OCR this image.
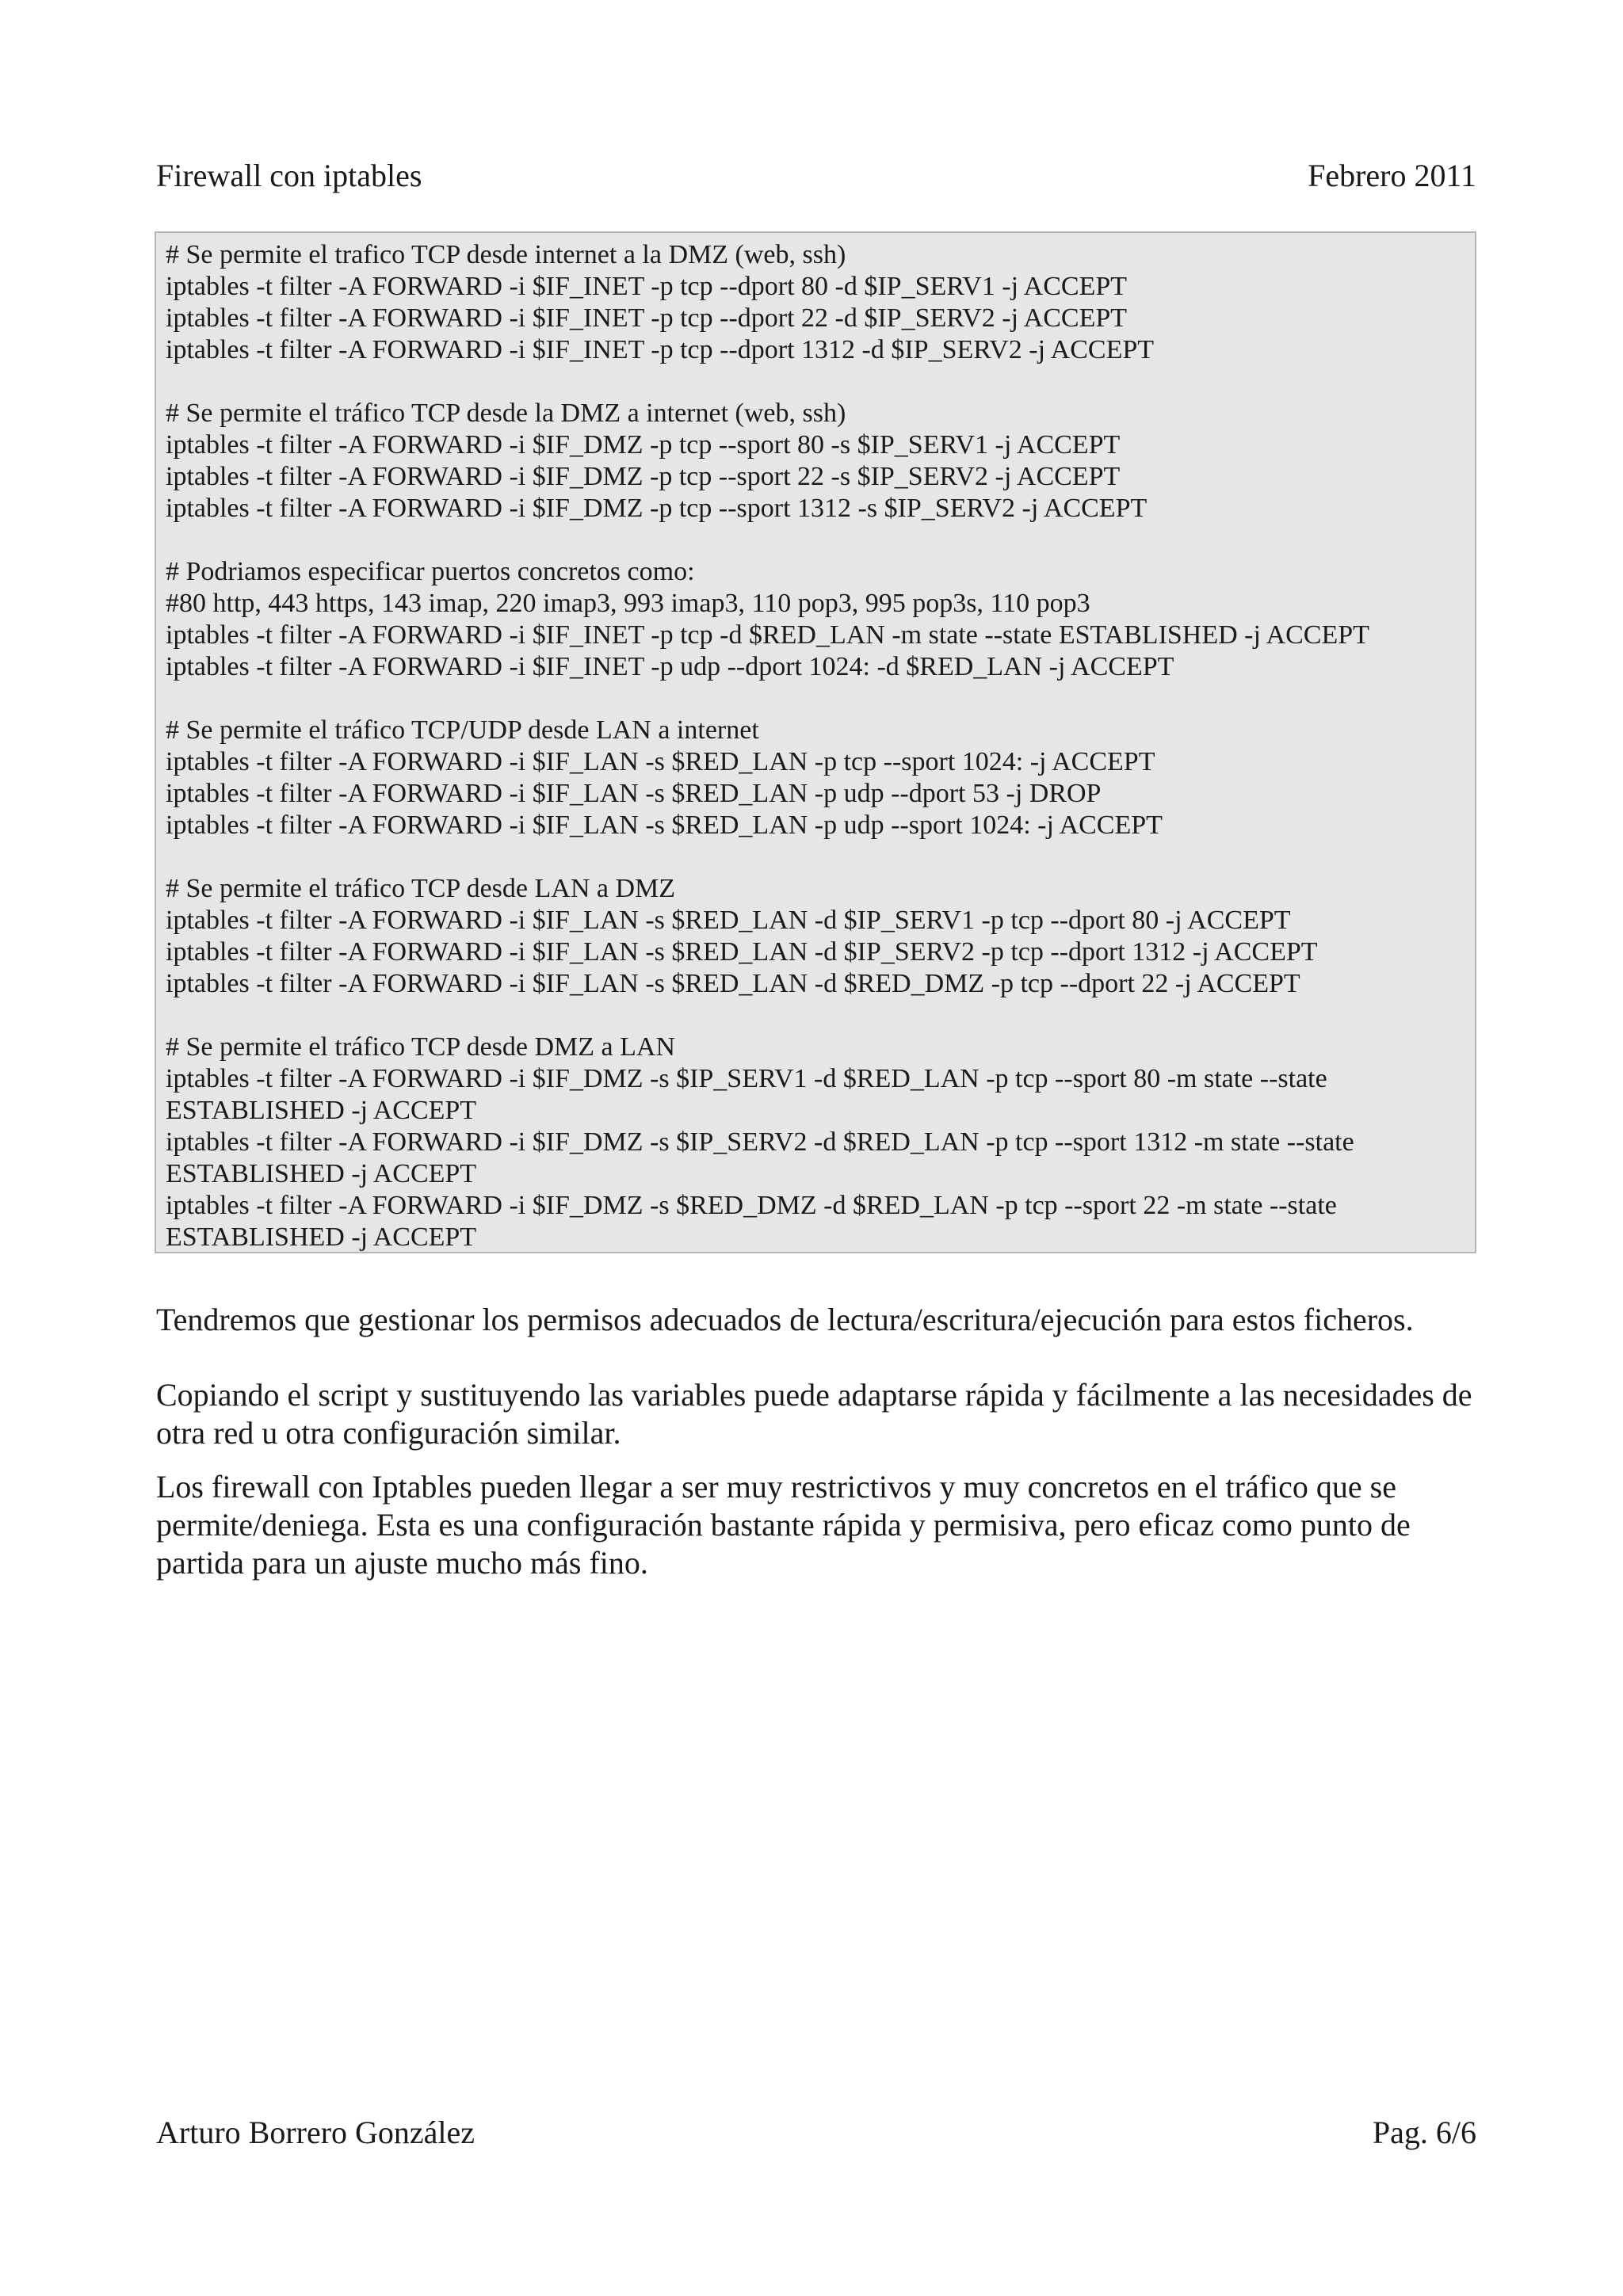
Firewall con iptables	Febrero 2011
# Se permite el trafico TCP desde internet a la DMZ (web, ssh)
iptables -t filter -A FORWARD -i $IF_INET -p tcp --dport 80 -d $IP_SERV1 -j ACCEPT
iptables -t filter -A FORWARD -i $IF_INET -p tcp --dport 22 -d $IP_SERV2 -j ACCEPT
iptables -t filter -A FORWARD -i $IF_INET -p tcp --dport 1312 -d $IP_SERV2 -j ACCEPT
# Se permite el tráfico TCP desde la DMZ a internet (web, ssh)
iptables -t filter -A FORWARD -i $IF_DMZ -p tcp --sport 80 -s $IP_SERV1 -j ACCEPT
iptables -t filter -A FORWARD -i $IF_DMZ -p tcp --sport 22 -s $IP_SERV2 -j ACCEPT
iptables -t filter -A FORWARD -i $IF_DMZ -p tcp --sport 1312 -s $IP_SERV2 -j ACCEPT
# Podriamos especificar puertos concretos como:
#80 http, 443 https, 143 imap, 220 imap3, 993 imap3, 110 pop3, 995 pop3s, 110 pop3
iptables -t filter -A FORWARD -i $IF_INET -p tcp -d $RED_LAN -m state --state ESTABLISHED -j ACCEPT
iptables -t filter -A FORWARD -i $IF_INET -p udp --dport 1024: -d $RED_LAN -j ACCEPT
# Se permite el tráfico TCP/UDP desde LAN a internet
iptables -t filter -A FORWARD -i $IF_LAN -s $RED_LAN -p tcp --sport 1024: -j ACCEPT
iptables -t filter -A FORWARD -i $IF_LAN -s $RED_LAN -p udp --dport 53 -j DROP
iptables -t filter -A FORWARD -i $IF_LAN -s $RED_LAN -p udp --sport 1024: -j ACCEPT
# Se permite el tráfico TCP desde LAN a DMZ
iptables -t filter -A FORWARD -i $IF_LAN -s $RED_LAN -d $IP_SERV1 -p tcp --dport 80 -j ACCEPT
iptables -t filter -A FORWARD -i $IF_LAN -s $RED_LAN -d $IP_SERV2 -p tcp --dport 1312 -j ACCEPT
iptables -t filter -A FORWARD -i $IF_LAN -s $RED_LAN -d $RED_DMZ -p tcp --dport 22 -j ACCEPT
# Se permite el tráfico TCP desde DMZ a LAN
iptables -t filter -A FORWARD -i $IF_DMZ -s $IP_SERV1 -d $RED_LAN -p tcp --sport 80 -m state --state
ESTABLISHED -j ACCEPT
iptables -t filter -A FORWARD -i $IF_DMZ -s $IP_SERV2 -d $RED_LAN -p tcp --sport 1312 -m state --state
ESTABLISHED -j ACCEPT
iptables -t filter -A FORWARD -i $IF_DMZ -s $RED_DMZ -d $RED_LAN -p tcp --sport 22 -m state --state
ESTABLISHED -j ACCEPT
Tendremos que gestionar los permisos adecuados de lectura/escritura/ejecución para estos ficheros.
Copiando el script y sustituyendo las variables puede adaptarse rápida y fácilmente a las necesidades de otra red u otra configuración similar.
Los firewall con Iptables pueden llegar a ser muy restrictivos y muy concretos en el tráfico que se permite/deniega. Esta es una configuración bastante rápida y permisiva, pero eficaz como punto de partida para un ajuste mucho más fino.
Arturo Borrero González	Pag. 6/6
